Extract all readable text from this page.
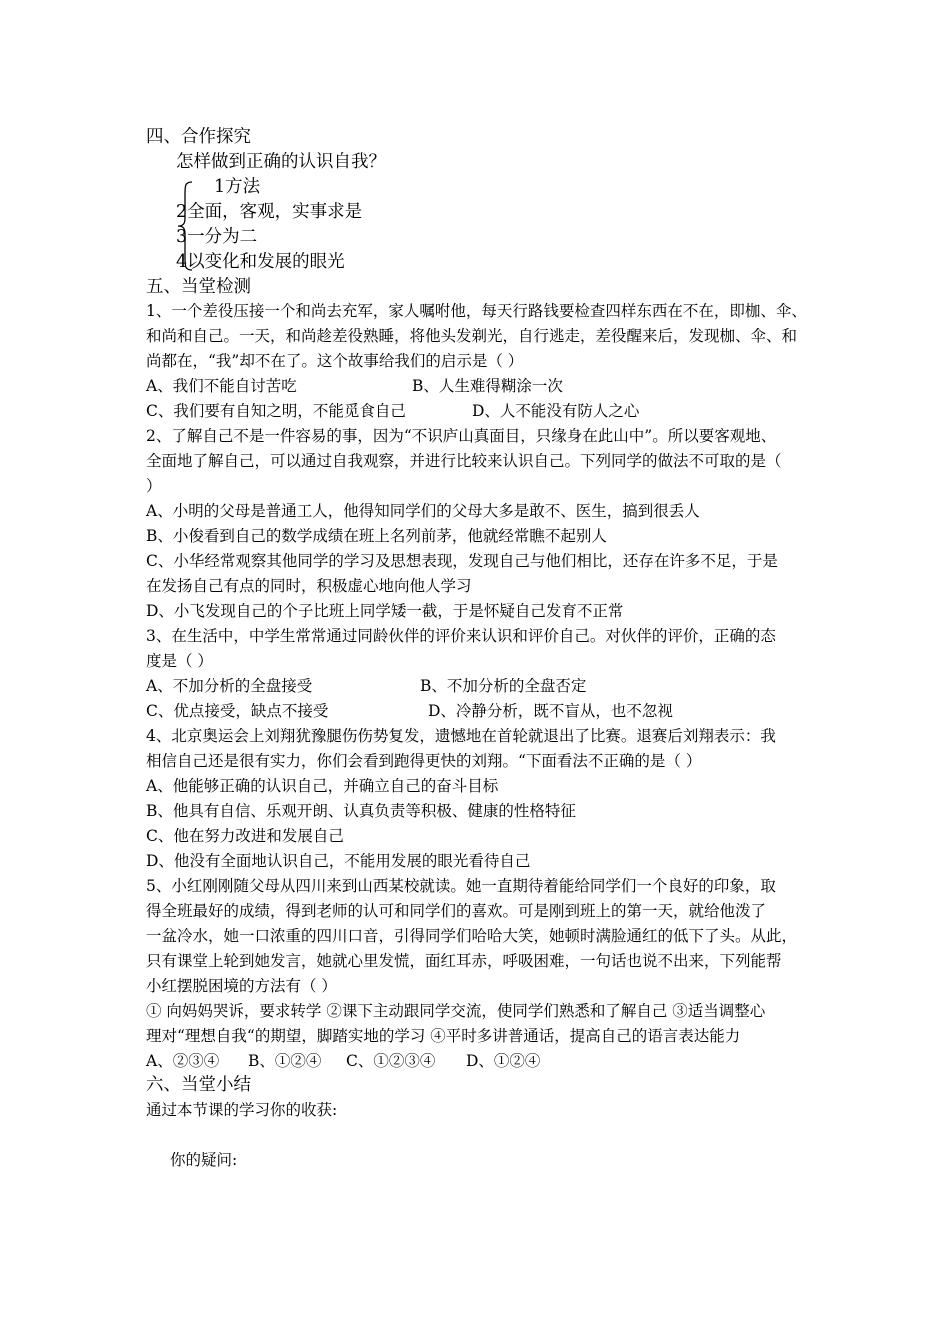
四、合作探究
怎样做到正确的认识自我？
1方法
2全面，客观，实事求是
3一分为二
4以变化和发展的眼光
五、当堂检测
1、一个差役压接一个和尚去充军，家人嘱咐他，每天行路钱要检查四样东西在不在，即枷、伞、
和尚和自己。一天，和尚趁差役熟睡，将他头发剃光，自行逃走，差役醒来后，发现枷、伞、和
尚都在，“我”却不在了。这个故事给我们的启示是（ ）
A、我们不能自讨苦吃	B、人生难得糊涂一次
C、我们要有自知之明，不能觅食自己	D、人不能没有防人之心
2、了解自己不是一件容易的事，因为“不识庐山真面目，只缘身在此山中”。所以要客观地、
全面地了解自己，可以通过自我观察，并进行比较来认识自己。下列同学的做法不可取的是（
）
A、小明的父母是普通工人，他得知同学们的父母大多是敢不、医生，搞到很丢人
B、小俊看到自己的数学成绩在班上名列前茅，他就经常瞧不起别人
C、小华经常观察其他同学的学习及思想表现，发现自己与他们相比，还存在许多不足，于是
在发扬自己有点的同时，积极虚心地向他人学习
D、小飞发现自己的个子比班上同学矮一截，于是怀疑自己发育不正常
3、在生活中，中学生常常通过同龄伙伴的评价来认识和评价自己。对伙伴的评价，正确的态
度是（ ）
A、不加分析的全盘接受	B、不加分析的全盘否定
C、优点接受，缺点不接受	D、冷静分析，既不盲从，也不忽视
4、北京奥运会上刘翔犹豫腿伤伤势复发，遗憾地在首轮就退出了比赛。退赛后刘翔表示：我
相信自己还是很有实力，你们会看到跑得更快的刘翔。“下面看法不正确的是（ ）
A、他能够正确的认识自己，并确立自己的奋斗目标
B、他具有自信、乐观开朗、认真负责等积极、健康的性格特征
C、他在努力改进和发展自己
D、他没有全面地认识自己，不能用发展的眼光看待自己
5、小红刚刚随父母从四川来到山西某校就读。她一直期待着能给同学们一个良好的印象，取
得全班最好的成绩，得到老师的认可和同学们的喜欢。可是刚到班上的第一天，就给他泼了
一盆冷水，她一口浓重的四川口音，引得同学们哈哈大笑，她顿时满脸通红的低下了头。从此，
只有课堂上轮到她发言，她就心里发慌，面红耳赤，呼吸困难，一句话也说不出来，下列能帮
小红摆脱困境的方法有（ ）
① 向妈妈哭诉，要求转学 ②课下主动跟同学交流，使同学们熟悉和了解自己 ③适当调整心
理对“理想自我“的期望，脚踏实地的学习 ④平时多讲普通话，提高自己的语言表达能力
A、②③④ B、①②④ C、①②③④ D、①②④
六、当堂小结
通过本节课的学习你的收获:
你的疑问:
